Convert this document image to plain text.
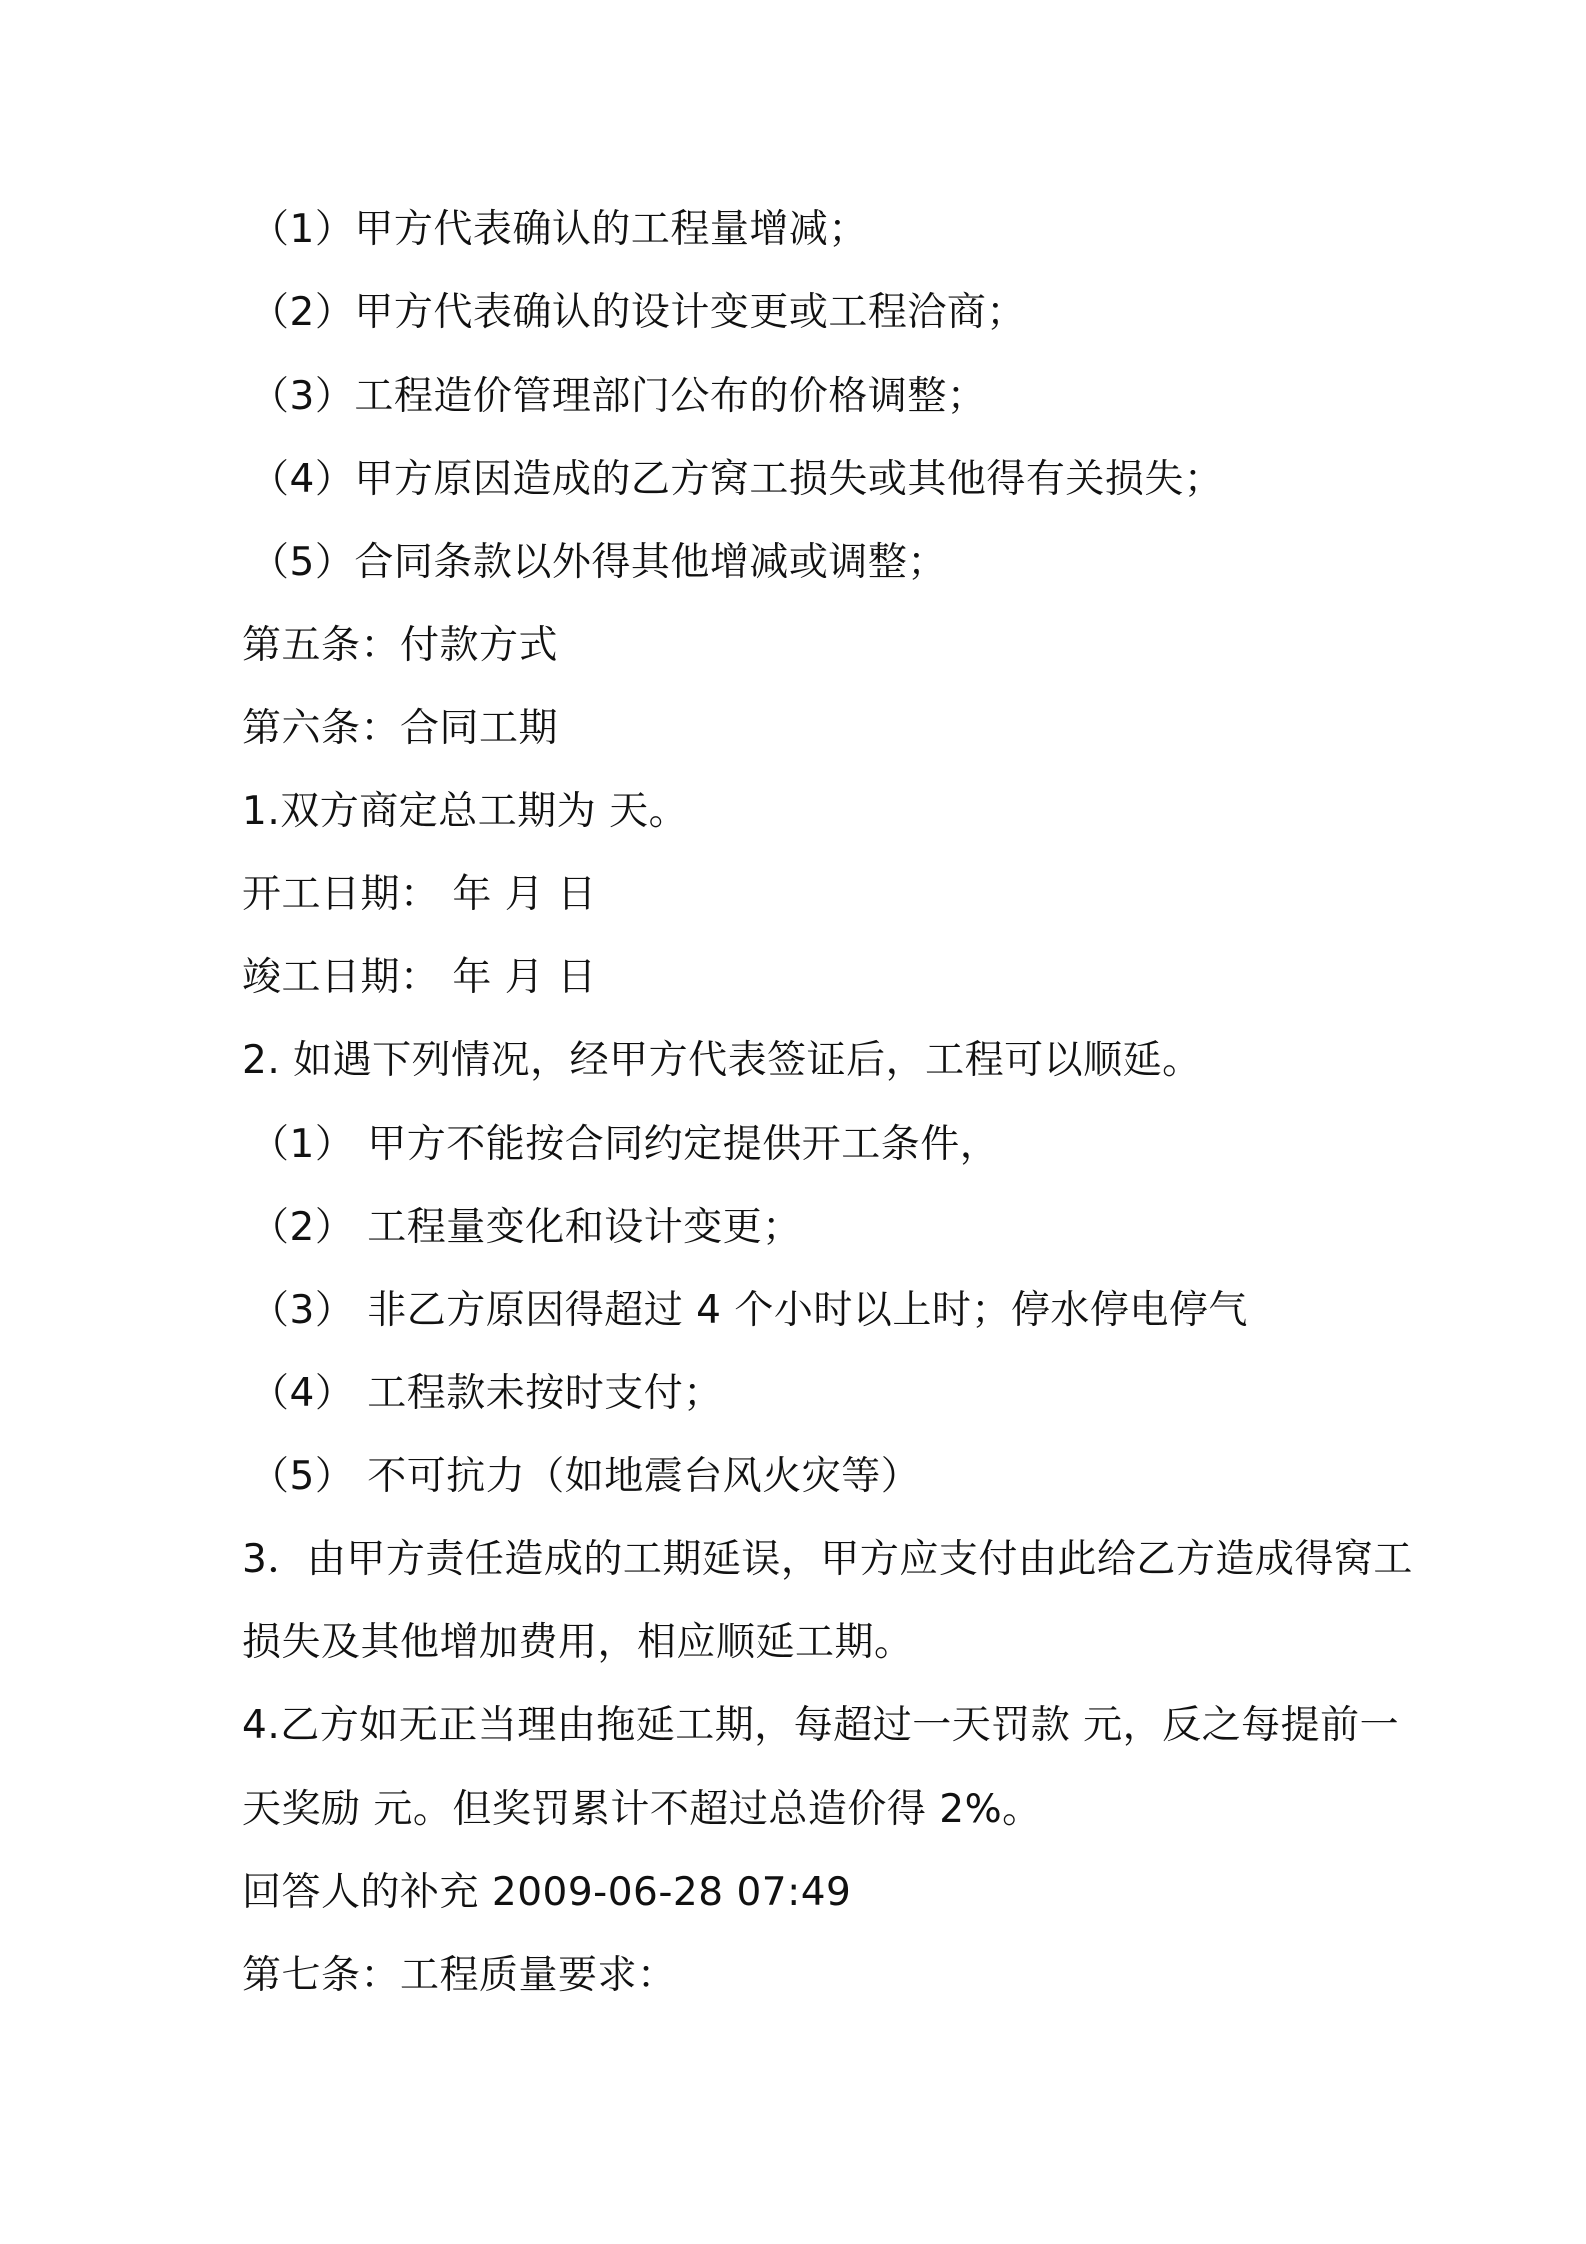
（1）甲方代表确认的工程量增减；
（2）甲方代表确认的设计变更或工程洽商；
（3）工程造价管理部门公布的价格调整；
（4）甲方原因造成的乙方窝工损失或其他得有关损失；
（5）合同条款以外得其他增减或调整；
第五条：付款方式
第六条：合同工期
1.双方商定总工期为 天。
开工日期： 年 月 日
竣工日期： 年 月 日
2. 如遇下列情况，经甲方代表签证后，工程可以顺延。
（1） 甲方不能按合同约定提供开工条件，
（2） 工程量变化和设计变更；
（3） 非乙方原因得超过 4 个小时以上时；停水停电停气
（4） 工程款未按时支付；
（5） 不可抗力（如地震台风火灾等）
3．由甲方责任造成的工期延误，甲方应支付由此给乙方造成得窝工
损失及其他增加费用，相应顺延工期。
4.乙方如无正当理由拖延工期，每超过一天罚款 元，反之每提前一
天奖励 元。但奖罚累计不超过总造价得 2%。
回答人的补充 2009-06-28 07:49
第七条：工程质量要求：
